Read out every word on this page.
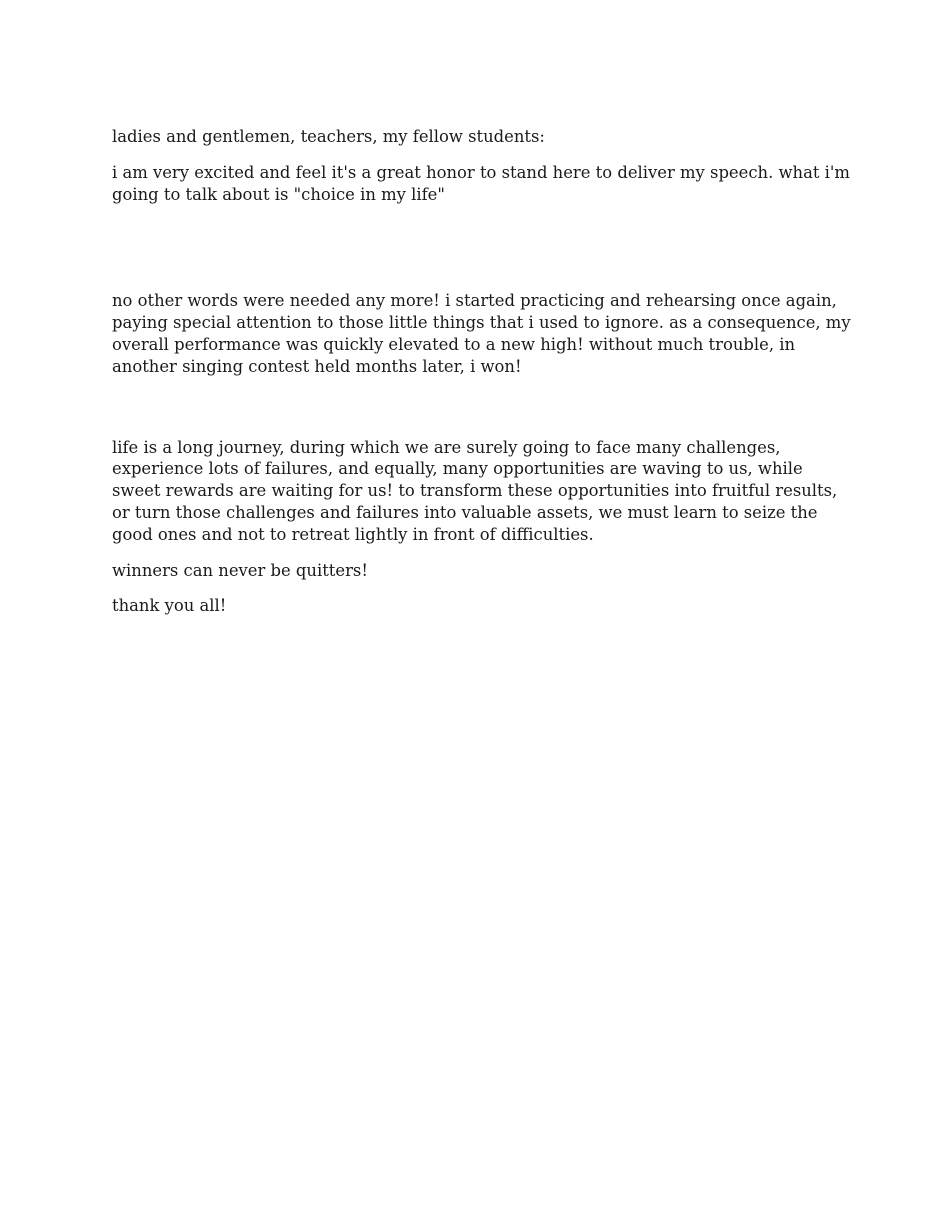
ladies and gentlemen, teachers, my fellow students:

i am very excited and feel it's a great honor to stand here to deliver my speech. what i'm going to talk about is "choice in my life"

no other words were needed any more! i started practicing and rehearsing once again, paying special attention to those little things that i used to ignore. as a consequence, my overall performance was quickly elevated to a new high! without much trouble, in another singing contest held months later, i won!

life is a long journey, during which we are surely going to face many challenges, experience lots of failures, and equally, many opportunities are waving to us, while sweet rewards are waiting for us! to transform these opportunities into fruitful results, or turn those challenges and failures into valuable assets, we must learn to seize the good ones and not to retreat lightly in front of difficulties.

winners can never be quitters!

thank you all!
